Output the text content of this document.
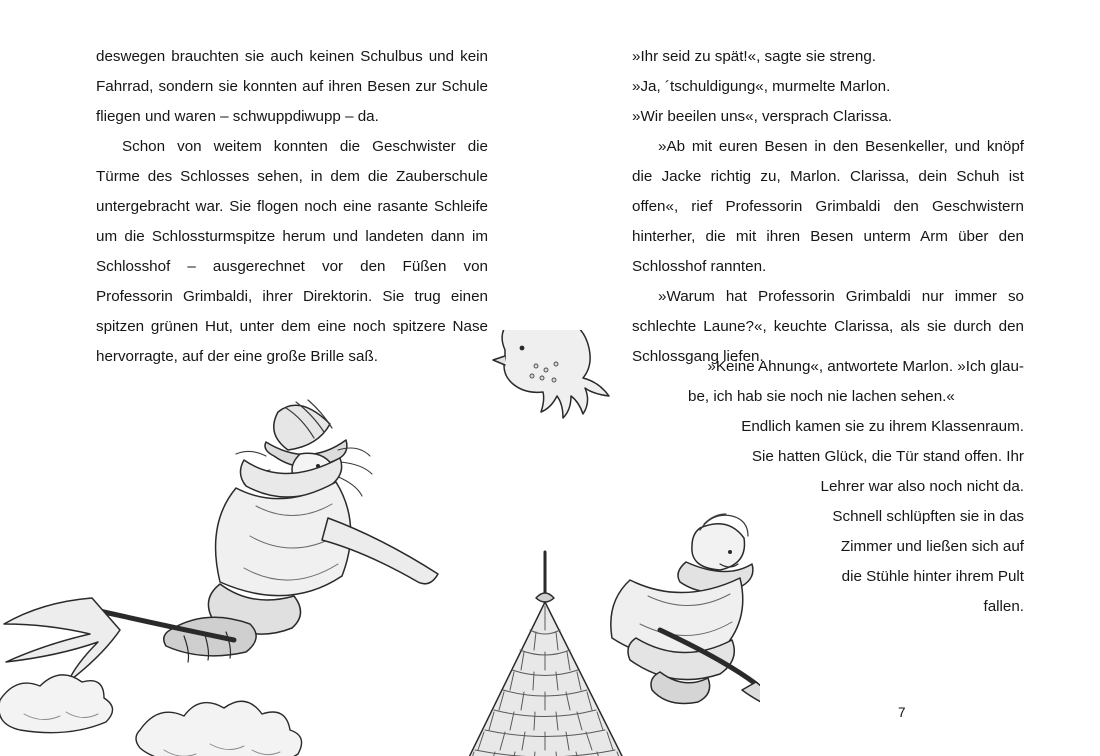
deswegen brauchten sie auch keinen Schulbus und kein Fahrrad, sondern sie konnten auf ihren Besen zur Schule fliegen und waren – schwuppdiwupp – da.

Schon von weitem konnten die Geschwister die Türme des Schlosses sehen, in dem die Zauberschule untergebracht war. Sie flogen noch eine rasante Schleife um die Schlossturmspitze herum und landeten dann im Schlosshof – ausgerechnet vor den Füßen von Professorin Grimbaldi, ihrer Direktorin. Sie trug einen spitzen grünen Hut, unter dem eine noch spitzere Nase hervorragte, auf der eine große Brille saß.

»Ihr seid zu spät!«, sagte sie streng.

»Ja, ´tschuldigung«, murmelte Marlon.

»Wir beeilen uns«, versprach Clarissa.

»Ab mit euren Besen in den Besenkeller, und knöpf die Jacke richtig zu, Marlon. Clarissa, dein Schuh ist offen«, rief Professorin Grimbaldi den Geschwistern hinterher, die mit ihren Besen unterm Arm über den Schlosshof rannten.

»Warum hat Professorin Grimbaldi nur immer so schlechte Laune?«, keuchte Clarissa, als sie durch den Schlossgang liefen.

»Keine Ahnung«, antwortete Marlon. »Ich glau-
be, ich hab sie noch nie lachen sehen.«
Endlich kamen sie zu ihrem Klassenraum.
Sie hatten Glück, die Tür stand offen. Ihr
Lehrer war also noch nicht da.
Schnell schlüpften sie in das
Zimmer und ließen sich auf
die Stühle hinter ihrem Pult
fallen.
7
